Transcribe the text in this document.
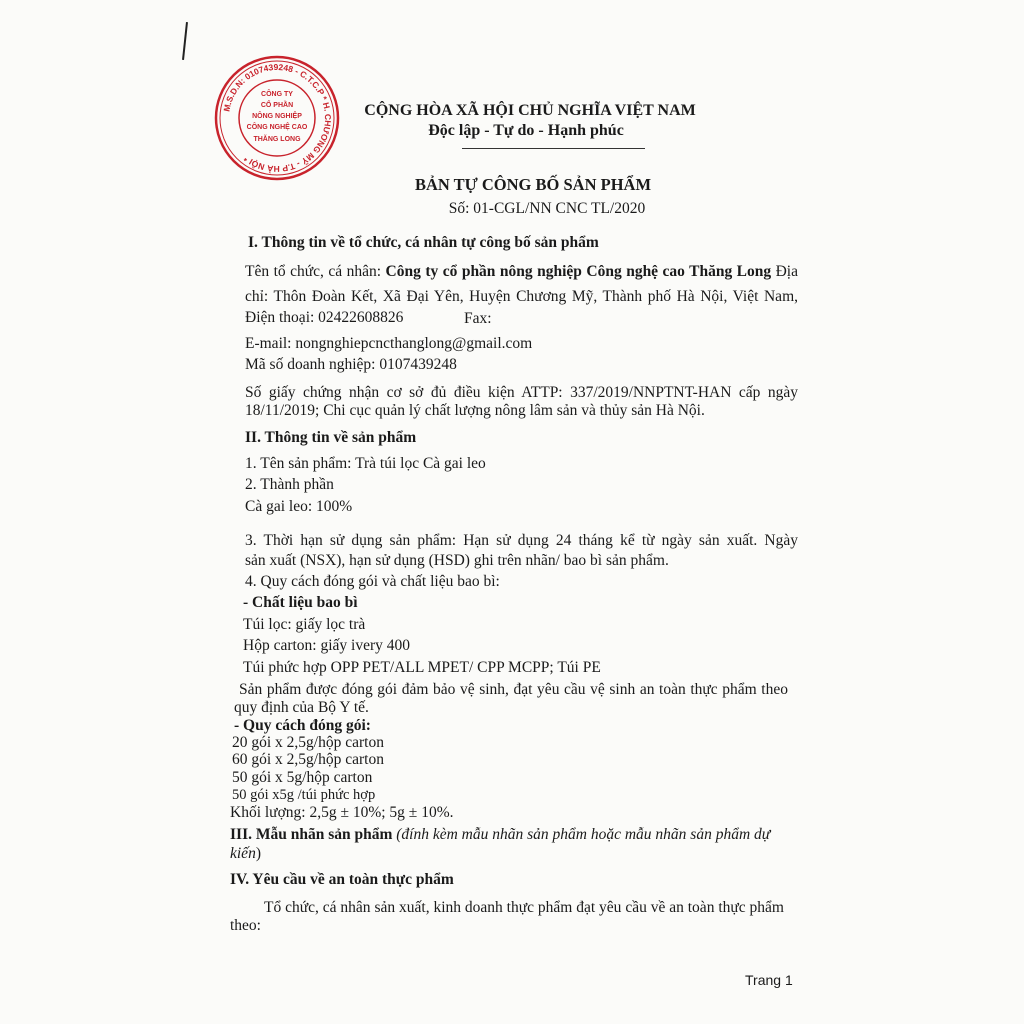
M.S.D.N: 0107439248 - C.T.C.P * H. CHƯƠNG MỸ - T.P HÀ NỘI *
CÔNG TY
CỔ PHẦN
NÔNG NGHIỆP
CÔNG NGHỆ CAO
THĂNG LONG
CỘNG HÒA XÃ HỘI CHỦ NGHĨA VIỆT NAM
Độc lập - Tự do - Hạnh phúc
BẢN TỰ CÔNG BỐ SẢN PHẨM
Số: 01-CGL/NN CNC TL/2020
I. Thông tin về tổ chức, cá nhân tự công bố sản phẩm
Tên tổ chức, cá nhân: Công ty cổ phần nông nghiệp Công nghệ cao Thăng Long Địa
chỉ: Thôn Đoàn Kết, Xã Đại Yên, Huyện Chương Mỹ, Thành phố Hà Nội, Việt Nam,
Điện thoại: 02422608826	Fax:
E-mail: nongnghiepcncthanglong@gmail.com
Mã số doanh nghiệp: 0107439248
Số giấy chứng nhận cơ sở đủ điều kiện ATTP: 337/2019/NNPTNT-HAN cấp ngày
18/11/2019; Chi cục quản lý chất lượng nông lâm sản và thủy sản Hà Nội.
II. Thông tin về sản phẩm
1. Tên sản phẩm: Trà túi lọc Cà gai leo
2. Thành phần
Cà gai leo: 100%
3. Thời hạn sử dụng sản phẩm: Hạn sử dụng 24 tháng kể từ ngày sản xuất. Ngày
sản xuất (NSX), hạn sử dụng (HSD) ghi trên nhãn/ bao bì sản phẩm.
4. Quy cách đóng gói và chất liệu bao bì:
- Chất liệu bao bì
Túi lọc: giấy lọc trà
Hộp carton: giấy ivery 400
Túi phức hợp OPP PET/ALL MPET/ CPP MCPP; Túi PE
Sản phẩm được đóng gói đảm bảo vệ sinh, đạt yêu cầu vệ sinh an toàn thực phẩm theo
quy định của Bộ Y tế.
- Quy cách đóng gói:
20 gói x 2,5g/hộp carton
60 gói x 2,5g/hộp carton
50 gói x 5g/hộp carton
50 gói x5g /túi phức hợp
Khối lượng: 2,5g ± 10%; 5g ± 10%.
III. Mẫu nhãn sản phẩm (đính kèm mẫu nhãn sản phẩm hoặc mẫu nhãn sản phẩm dự
kiến)
IV. Yêu cầu về an toàn thực phẩm
Tổ chức, cá nhân sản xuất, kinh doanh thực phẩm đạt yêu cầu về an toàn thực phẩm
theo:
Trang 1
